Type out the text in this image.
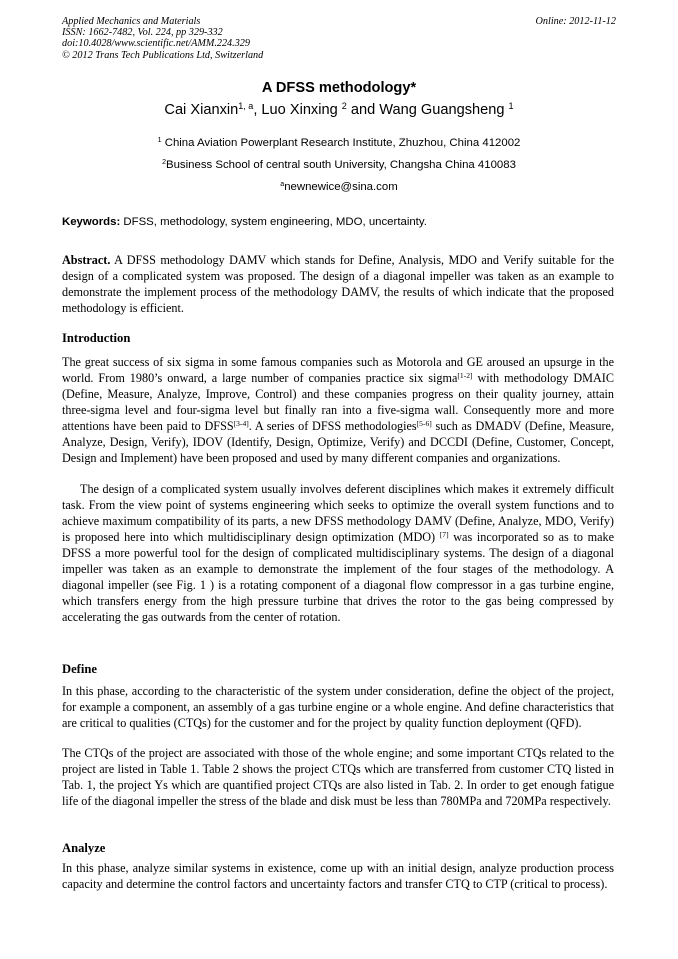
Applied Mechanics and Materials
ISSN: 1662-7482, Vol. 224, pp 329-332
doi:10.4028/www.scientific.net/AMM.224.329
© 2012 Trans Tech Publications Ltd, Switzerland
Online: 2012-11-12
A DFSS methodology*
Cai Xianxin$^{1, a}$, Luo Xinxing $^2$ and Wang Guangsheng $^1$
$^1$ China Aviation Powerplant Research Institute, Zhuzhou, China 412002
$^2$Business School of central south University, Changsha China 410083
$^a$newnewice@sina.com
Keywords: DFSS, methodology, system engineering, MDO, uncertainty.
Abstract. A DFSS methodology DAMV which stands for Define, Analysis, MDO and Verify suitable for the design of a complicated system was proposed. The design of a diagonal impeller was taken as an example to demonstrate the implement process of the methodology DAMV, the results of which indicate that the proposed methodology is efficient.
Introduction
The great success of six sigma in some famous companies such as Motorola and GE aroused an upsurge in the world. From 1980’s onward, a large number of companies practice six sigma[1-2] with methodology DMAIC (Define, Measure, Analyze, Improve, Control) and these companies progress on their quality journey, attain three-sigma level and four-sigma level but finally ran into a five-sigma wall. Consequently more and more attentions have been paid to DFSS[3-4]. A series of DFSS methodologies[5-6] such as DMADV (Define, Measure, Analyze, Design, Verify), IDOV (Identify, Design, Optimize, Verify) and DCCDI (Define, Customer, Concept, Design and Implement) have been proposed and used by many different companies and organizations.
The design of a complicated system usually involves deferent disciplines which makes it extremely difficult task. From the view point of systems engineering which seeks to optimize the overall system functions and to achieve maximum compatibility of its parts, a new DFSS methodology DAMV (Define, Analyze, MDO, Verify) is proposed here into which multidisciplinary design optimization (MDO) [7] was incorporated so as to make DFSS a more powerful tool for the design of complicated multidisciplinary systems. The design of a diagonal impeller was taken as an example to demonstrate the implement of the four stages of the methodology. A diagonal impeller (see Fig. 1 ) is a rotating component of a diagonal flow compressor in a gas turbine engine, which transfers energy from the high pressure turbine that drives the rotor to the gas being compressed by accelerating the gas outwards from the center of rotation.
Define
In this phase, according to the characteristic of the system under consideration, define the object of the project, for example a component, an assembly of a gas turbine engine or a whole engine. And define characteristics that are critical to qualities (CTQs) for the customer and for the project by quality function deployment (QFD).
The CTQs of the project are associated with those of the whole engine; and some important CTQs related to the project are listed in Table 1. Table 2 shows the project CTQs which are transferred from customer CTQ listed in Tab. 1, the project Ys which are quantified project CTQs are also listed in Tab. 2. In order to get enough fatigue life of the diagonal impeller the stress of the blade and disk must be less than 780MPa and 720MPa respectively.
Analyze
In this phase, analyze similar systems in existence, come up with an initial design, analyze production process capacity and determine the control factors and uncertainty factors and transfer CTQ to CTP (critical to process).
